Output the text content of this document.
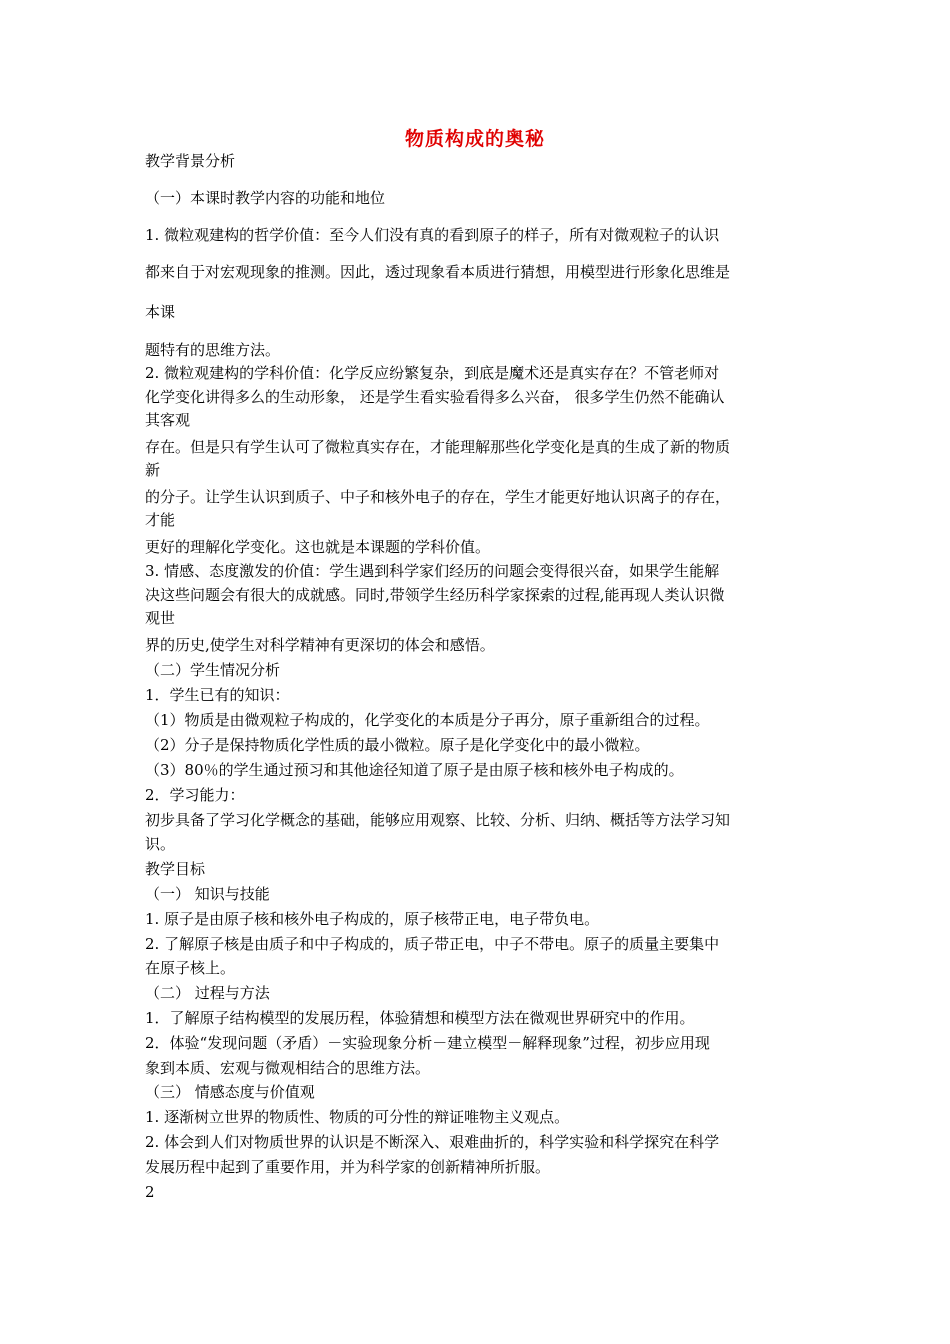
物质构成的奥秘
教学背景分析
（一）本课时教学内容的功能和地位
1. 微粒观建构的哲学价值：至今人们没有真的看到原子的样子，所有对微观粒子的认识
都来自于对宏观现象的推测。因此，透过现象看本质进行猜想，用模型进行形象化思维是
本课
题特有的思维方法。
2. 微粒观建构的学科价值：化学反应纷繁复杂，到底是魔术还是真实存在？不管老师对
化学变化讲得多么的生动形象， 还是学生看实验看得多么兴奋， 很多学生仍然不能确认
其客观
存在。但是只有学生认可了微粒真实存在，才能理解那些化学变化是真的生成了新的物质
新
的分子。让学生认识到质子、中子和核外电子的存在，学生才能更好地认识离子的存在，
才能
更好的理解化学变化。这也就是本课题的学科价值。
3. 情感、态度激发的价值：学生遇到科学家们经历的问题会变得很兴奋，如果学生能解
决这些问题会有很大的成就感。同时,带领学生经历科学家探索的过程,能再现人类认识微
观世
界的历史,使学生对科学精神有更深切的体会和感悟。
（二）学生情况分析
1．学生已有的知识：
（1）物质是由微观粒子构成的，化学变化的本质是分子再分，原子重新组合的过程。
（2）分子是保持物质化学性质的最小微粒。原子是化学变化中的最小微粒。
（3）80％的学生通过预习和其他途径知道了原子是由原子核和核外电子构成的。
2．学习能力：
初步具备了学习化学概念的基础，能够应用观察、比较、分析、归纳、概括等方法学习知
识。
教学目标
（一） 知识与技能
1. 原子是由原子核和核外电子构成的，原子核带正电，电子带负电。
2. 了解原子核是由质子和中子构成的，质子带正电，中子不带电。原子的质量主要集中
在原子核上。
（二） 过程与方法
1．了解原子结构模型的发展历程，体验猜想和模型方法在微观世界研究中的作用。
2．体验“发现问题（矛盾）－实验现象分析－建立模型－解释现象”过程，初步应用现
象到本质、宏观与微观相结合的思维方法。
（三） 情感态度与价值观
1. 逐渐树立世界的物质性、物质的可分性的辩证唯物主义观点。
2. 体会到人们对物质世界的认识是不断深入、艰难曲折的，科学实验和科学探究在科学
发展历程中起到了重要作用，并为科学家的创新精神所折服。
2
